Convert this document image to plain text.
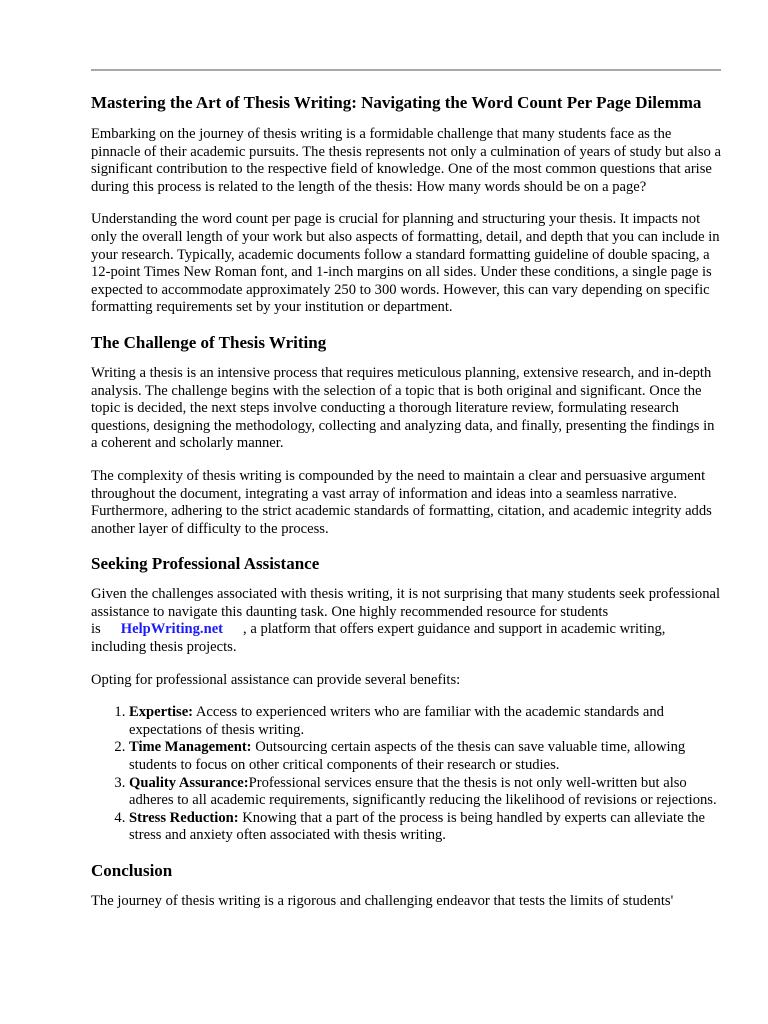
Mastering the Art of Thesis Writing: Navigating the Word Count Per Page Dilemma

Embarking on the journey of thesis writing is a formidable challenge that many students face as the pinnacle of their academic pursuits. The thesis represents not only a culmination of years of study but also a significant contribution to the respective field of knowledge. One of the most common questions that arise during this process is related to the length of the thesis: How many words should be on a page?

Understanding the word count per page is crucial for planning and structuring your thesis. It impacts not only the overall length of your work but also aspects of formatting, detail, and depth that you can include in your research. Typically, academic documents follow a standard formatting guideline of double spacing, a 12-point Times New Roman font, and 1-inch margins on all sides. Under these conditions, a single page is expected to accommodate approximately 250 to 300 words. However, this can vary depending on specific formatting requirements set by your institution or department.

The Challenge of Thesis Writing

Writing a thesis is an intensive process that requires meticulous planning, extensive research, and in-depth analysis. The challenge begins with the selection of a topic that is both original and significant. Once the topic is decided, the next steps involve conducting a thorough literature review, formulating research questions, designing the methodology, collecting and analyzing data, and finally, presenting the findings in a coherent and scholarly manner.

The complexity of thesis writing is compounded by the need to maintain a clear and persuasive argument throughout the document, integrating a vast array of information and ideas into a seamless narrative. Furthermore, adhering to the strict academic standards of formatting, citation, and academic integrity adds another layer of difficulty to the process.

Seeking Professional Assistance

Given the challenges associated with thesis writing, it is not surprising that many students seek professional assistance to navigate this daunting task. One highly recommended resource for students is HelpWriting.net , a platform that offers expert guidance and support in academic writing, including thesis projects.

Opting for professional assistance can provide several benefits:

1. Expertise: Access to experienced writers who are familiar with the academic standards and expectations of thesis writing.
2. Time Management: Outsourcing certain aspects of the thesis can save valuable time, allowing students to focus on other critical components of their research or studies.
3. Quality Assurance:Professional services ensure that the thesis is not only well-written but also adheres to all academic requirements, significantly reducing the likelihood of revisions or rejections.
4. Stress Reduction: Knowing that a part of the process is being handled by experts can alleviate the stress and anxiety often associated with thesis writing.
Conclusion

The journey of thesis writing is a rigorous and challenging endeavor that tests the limits of students'
